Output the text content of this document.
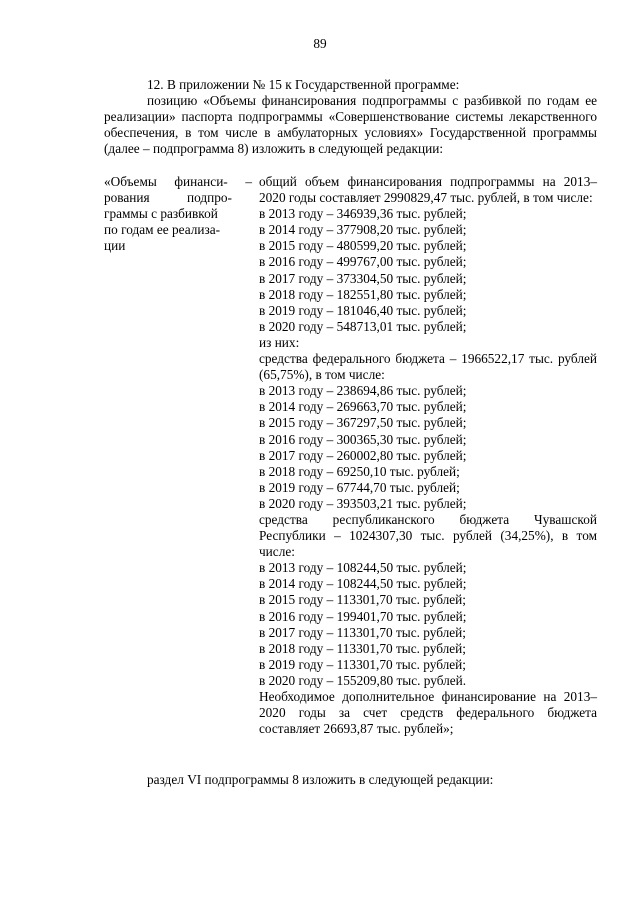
89

12. В приложении № 15 к Государственной программе:

позицию «Объемы финансирования подпрограммы с разбивкой по годам ее реализации» паспорта подпрограммы «Совершенствование системы лекарственного обеспечения, в том числе в амбулаторных условиях» Государственной программы (далее – подпрограмма 8) изложить в следующей редакции:

«Объемы финанси- –
рования	подпро-
граммы с разбивкой
по годам ее реализа-
ции

общий объем финансирования подпрограммы на 2013–2020 годы составляет 2990829,47 тыс. рублей, в том числе:

в 2013 году – 346939,36 тыс. рублей;

в 2014 году – 377908,20 тыс. рублей;

в 2015 году – 480599,20 тыс. рублей;

в 2016 году – 499767,00 тыс. рублей;

в 2017 году – 373304,50 тыс. рублей;

в 2018 году – 182551,80 тыс. рублей;

в 2019 году – 181046,40 тыс. рублей;

в 2020 году – 548713,01 тыс. рублей;

из них:

средства федерального бюджета – 1966522,17 тыс. рублей (65,75%), в том числе:

в 2013 году – 238694,86 тыс. рублей;

в 2014 году – 269663,70 тыс. рублей;

в 2015 году – 367297,50 тыс. рублей;

в 2016 году – 300365,30 тыс. рублей;

в 2017 году – 260002,80 тыс. рублей;

в 2018 году – 69250,10 тыс. рублей;

в 2019 году – 67744,70 тыс. рублей;

в 2020 году – 393503,21 тыс. рублей;

средства республиканского бюджета Чувашской Республики – 1024307,30 тыс. рублей (34,25%), в том числе:

в 2013 году – 108244,50 тыс. рублей;

в 2014 году – 108244,50 тыс. рублей;

в 2015 году – 113301,70 тыс. рублей;

в 2016 году – 199401,70 тыс. рублей;

в 2017 году – 113301,70 тыс. рублей;

в 2018 году – 113301,70 тыс. рублей;

в 2019 году – 113301,70 тыс. рублей;

в 2020 году – 155209,80 тыс. рублей.

Необходимое дополнительное финансирование на 2013–2020 годы за счет средств федерального бюджета составляет 26693,87 тыс. рублей»;

раздел VI подпрограммы 8 изложить в следующей редакции:
